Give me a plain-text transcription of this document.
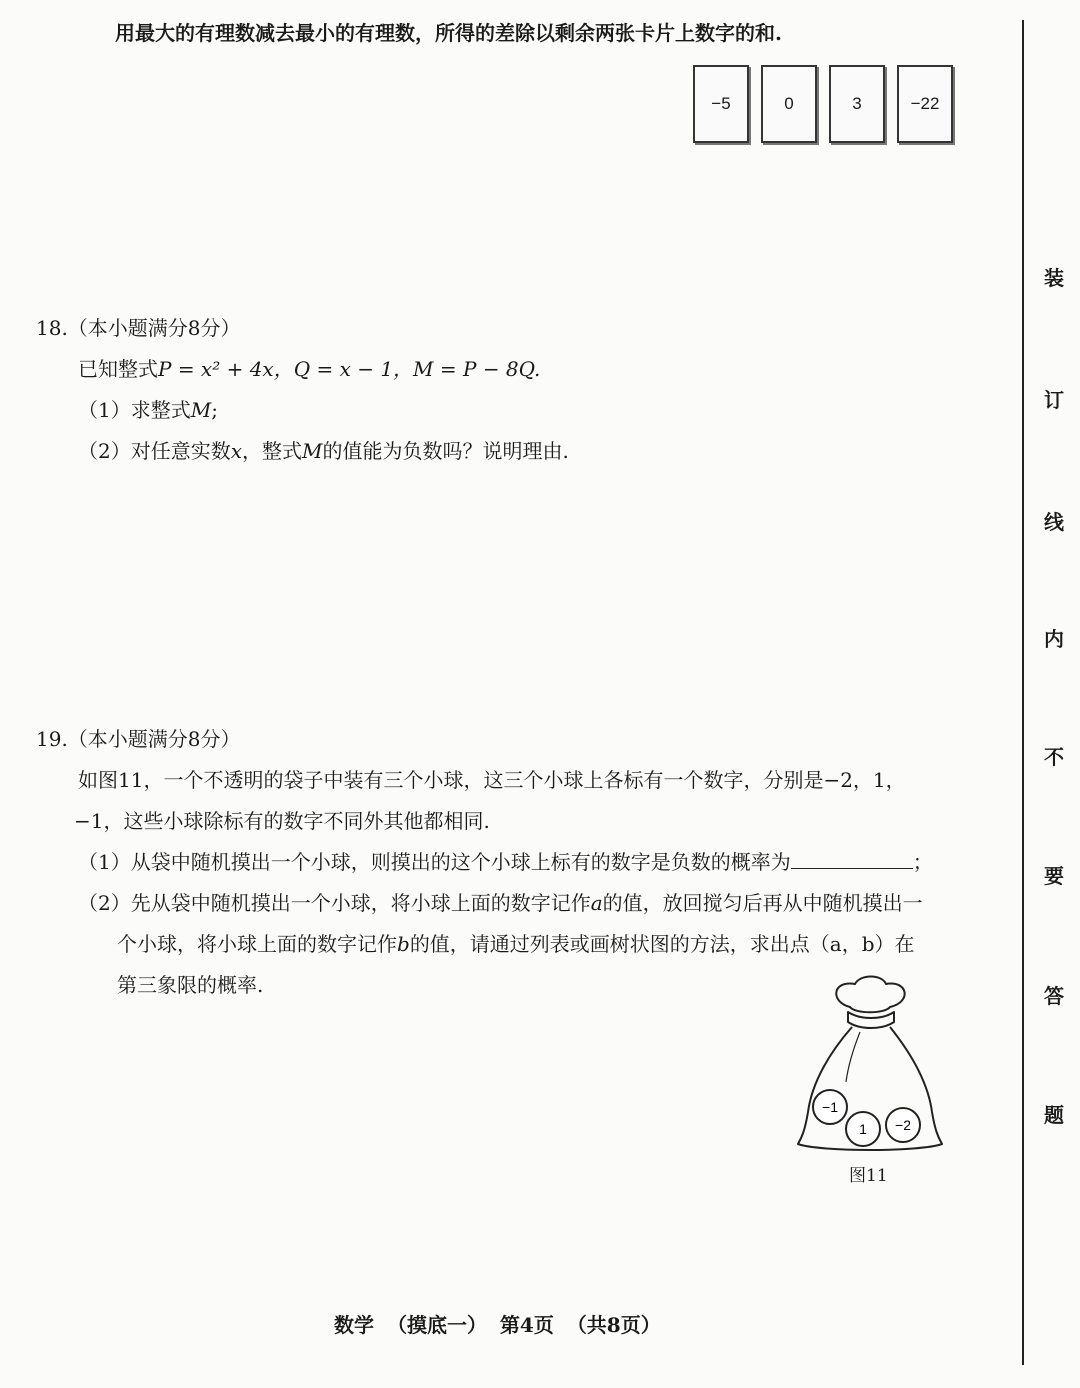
用最大的有理数减去最小的有理数，所得的差除以剩余两张卡片上数字的和.
−5	0	3	−22
18.（本小题满分8分）
已知整式P = x² + 4x，Q = x − 1，M = P − 8Q.
（1）求整式M;
（2）对任意实数x，整式M的值能为负数吗？说明理由.
19.（本小题满分8分）
如图11，一个不透明的袋子中装有三个小球，这三个小球上各标有一个数字，分别是−2，1，
−1，这些小球除标有的数字不同外其他都相同.
（1）从袋中随机摸出一个小球，则摸出的这个小球上标有的数字是负数的概率为	；
（2）先从袋中随机摸出一个小球，将小球上面的数字记作a的值，放回搅匀后再从中随机摸出一
个小球，将小球上面的数字记作b的值，请通过列表或画树状图的方法，求出点（a，b）在
第三象限的概率.
−1
1 −2
图11
数学 （摸底一） 第4页 （共8页）
装
订
线
内
不
要
答
题
